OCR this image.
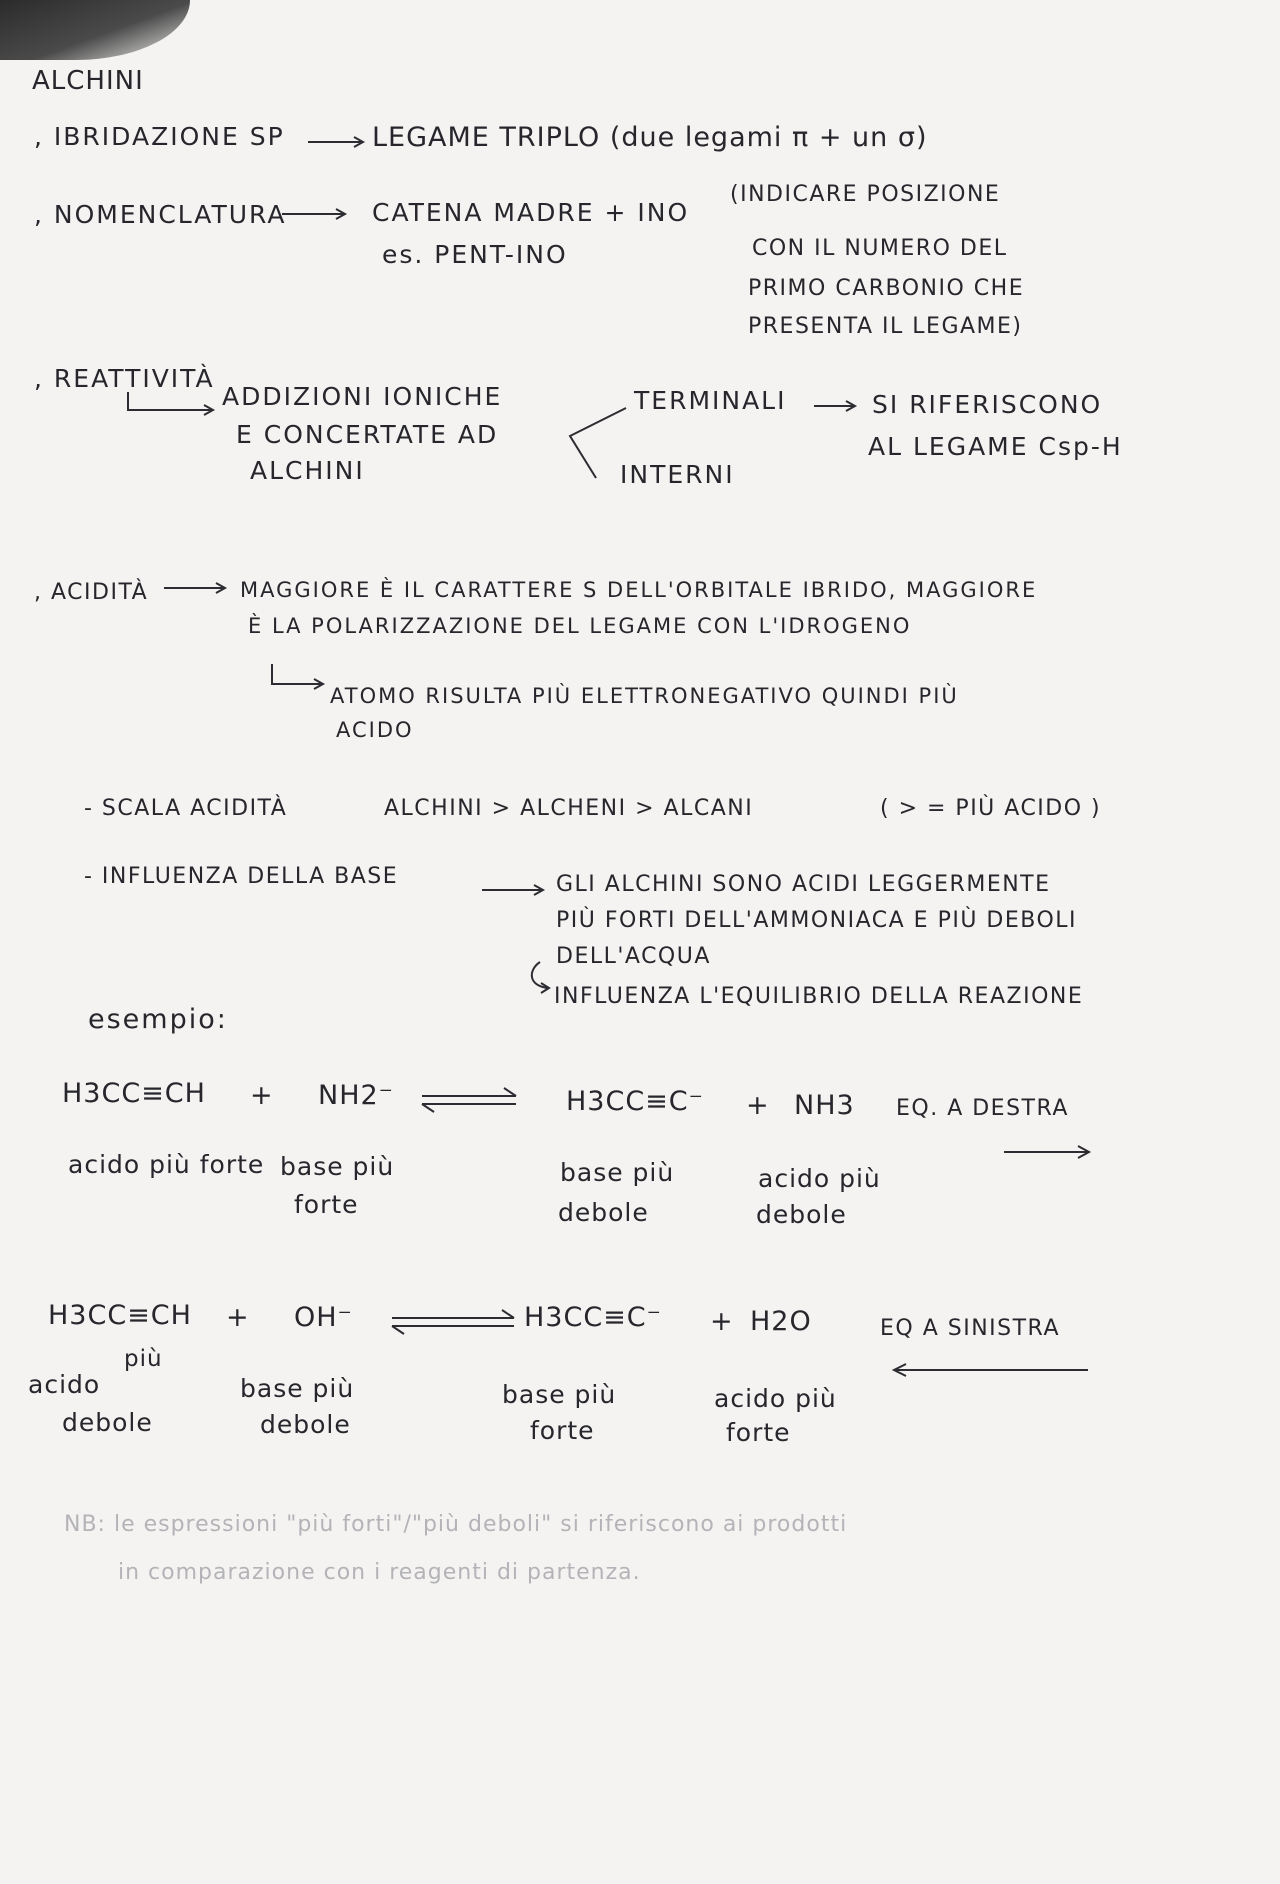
ALCHINI
, IBRIDAZIONE SP	LEGAME TRIPLO (due legami π + un σ)
, NOMENCLATURA	CATENA MADRE + INO
es. PENT-INO
(INDICARE POSIZIONE
CON IL NUMERO DEL
PRIMO CARBONIO CHE
PRESENTA IL LEGAME)
, REATTIVITÀ
ADDIZIONI IONICHE
E CONCERTATE AD
ALCHINI
TERMINALI	SI RIFERISCONO
AL LEGAME Csp-H
INTERNI
, ACIDITÀ	MAGGIORE È IL CARATTERE S DELL'ORBITALE IBRIDO, MAGGIORE
È LA POLARIZZAZIONE DEL LEGAME CON L'IDROGENO
ATOMO RISULTA PIÙ ELETTRONEGATIVO QUINDI PIÙ
ACIDO
- SCALA ACIDITÀ	ALCHINI > ALCHENI > ALCANI	( > = PIÙ ACIDO )
- INFLUENZA DELLA BASE	GLI ALCHINI SONO ACIDI LEGGERMENTE
PIÙ FORTI DELL'AMMONIACA E PIÙ DEBOLI
DELL'ACQUA
INFLUENZA L'EQUILIBRIO DELLA REAZIONE
esempio:
H3CC≡CH + NH2⁻	H3CC≡C⁻ + NH3 EQ. A DESTRA
acido più forte base più
forte
base più
debole
acido più
debole
H3CC≡CH + OH⁻	H3CC≡C⁻ + H2O	EQ A SINISTRA
più
acido
debole
base più
debole
base più
forte
acido più
forte
NB: le espressioni "più forti"/"più deboli" si riferiscono ai prodotti
in comparazione con i reagenti di partenza.
